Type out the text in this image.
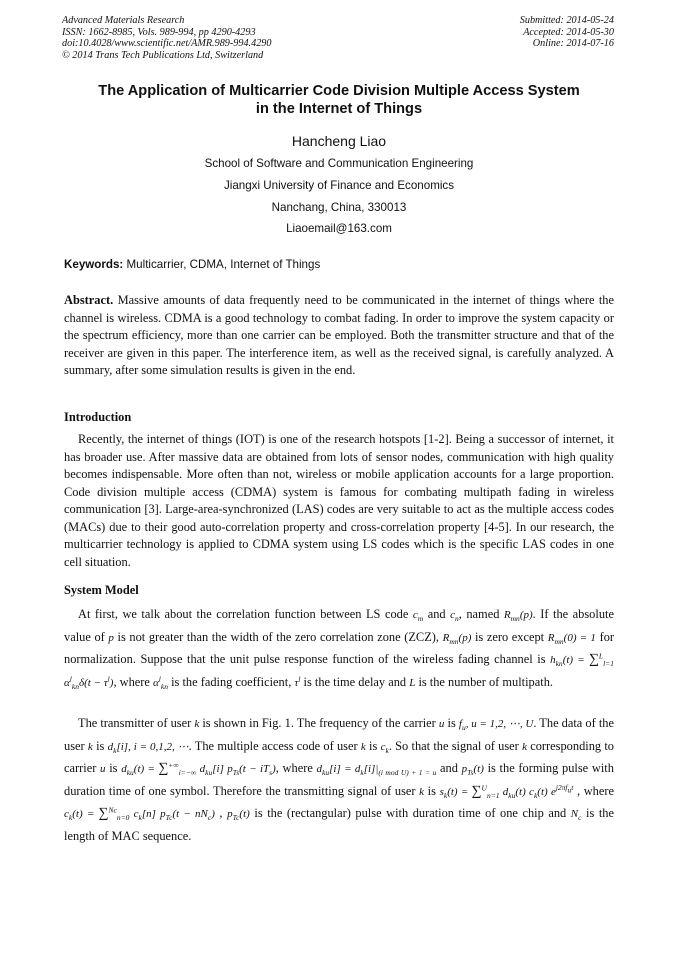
Advanced Materials Research
ISSN: 1662-8985, Vols. 989-994, pp 4290-4293
doi:10.4028/www.scientific.net/AMR.989-994.4290
© 2014 Trans Tech Publications Ltd, Switzerland
Submitted: 2014-05-24
Accepted: 2014-05-30
Online: 2014-07-16
The Application of Multicarrier Code Division Multiple Access System
in the Internet of Things
Hancheng Liao
School of Software and Communication Engineering
Jiangxi University of Finance and Economics
Nanchang, China, 330013
Liaoemail@163.com
Keywords: Multicarrier, CDMA, Internet of Things
Abstract. Massive amounts of data frequently need to be communicated in the internet of things where the channel is wireless. CDMA is a good technology to combat fading. In order to improve the system capacity or the spectrum efficiency, more than one carrier can be employed. Both the transmitter structure and that of the receiver are given in this paper. The interference item, as well as the received signal, is carefully analyzed. A summary, after some simulation results is given in the end.
Introduction
Recently, the internet of things (IOT) is one of the research hotspots [1-2]. Being a successor of internet, it has broader use. After massive data are obtained from lots of sensor nodes, communication with high quality becomes indispensable. More often than not, wireless or mobile application accounts for a large proportion. Code division multiple access (CDMA) system is famous for combating multipath fading in wireless communication [3]. Large-area-synchronized (LAS) codes are very suitable to act as the multiple access codes (MACs) due to their good auto-correlation property and cross-correlation property [4-5]. In our research, the multicarrier technology is applied to CDMA system using LS codes which is the specific LAS codes in one cell situation.
System Model
At first, we talk about the correlation function between LS code $c_m$ and $c_n$, named $R_{mn}(p)$. If the absolute value of p is not greater than the width of the zero correlation zone (ZCZ), $R_{mn}(p)$ is zero except $R_{mn}(0) = 1$ for normalization. Suppose that the unit pulse response function of the wireless fading channel is $h_{kn}(t) = \sum^L_{l=1}$ $\alpha^l_{kn}\delta(t - \tau^l)$, where $\alpha^l_{kn}$ is the fading coefficient, $\tau^l$ is the time delay and L is the number of multipath.
The transmitter of user k is shown in Fig. 1. The frequency of the carrier u is $f_u$, u = 1,2, ⋯, U. The data of the user k is $d_k[i]$, i = 0,1,2, ⋯. The multiple access code of user k is $c_k$. So that the signal of user k corresponding to carrier u is $d_{ku}(t) = \sum^{+\infty}_{i=-\infty}$ $d_{ku}[i] p_{Ts}(t - iT_s)$, where $d_{ku}[i] = d_k[i]|_{(i mod U) + 1 = u}$ and $p_{Ts}(t)$ is the forming pulse with duration time of one symbol. Therefore the transmitting signal of user k is $s_k(t) = \sum^U_{n=1}$ $d_{ku}(t)$ $c_k(t)$ $e^{j2\pi f_ut}$ , where $c_k(t) = \sum^{Nc}_{n=0}$ $c_k[n] p_{Tc}(t - nN_c)$ , $p_{Tc}(t)$ is the (rectangular) pulse with duration time of one chip and $N_c$ is the length of MAC sequence.
